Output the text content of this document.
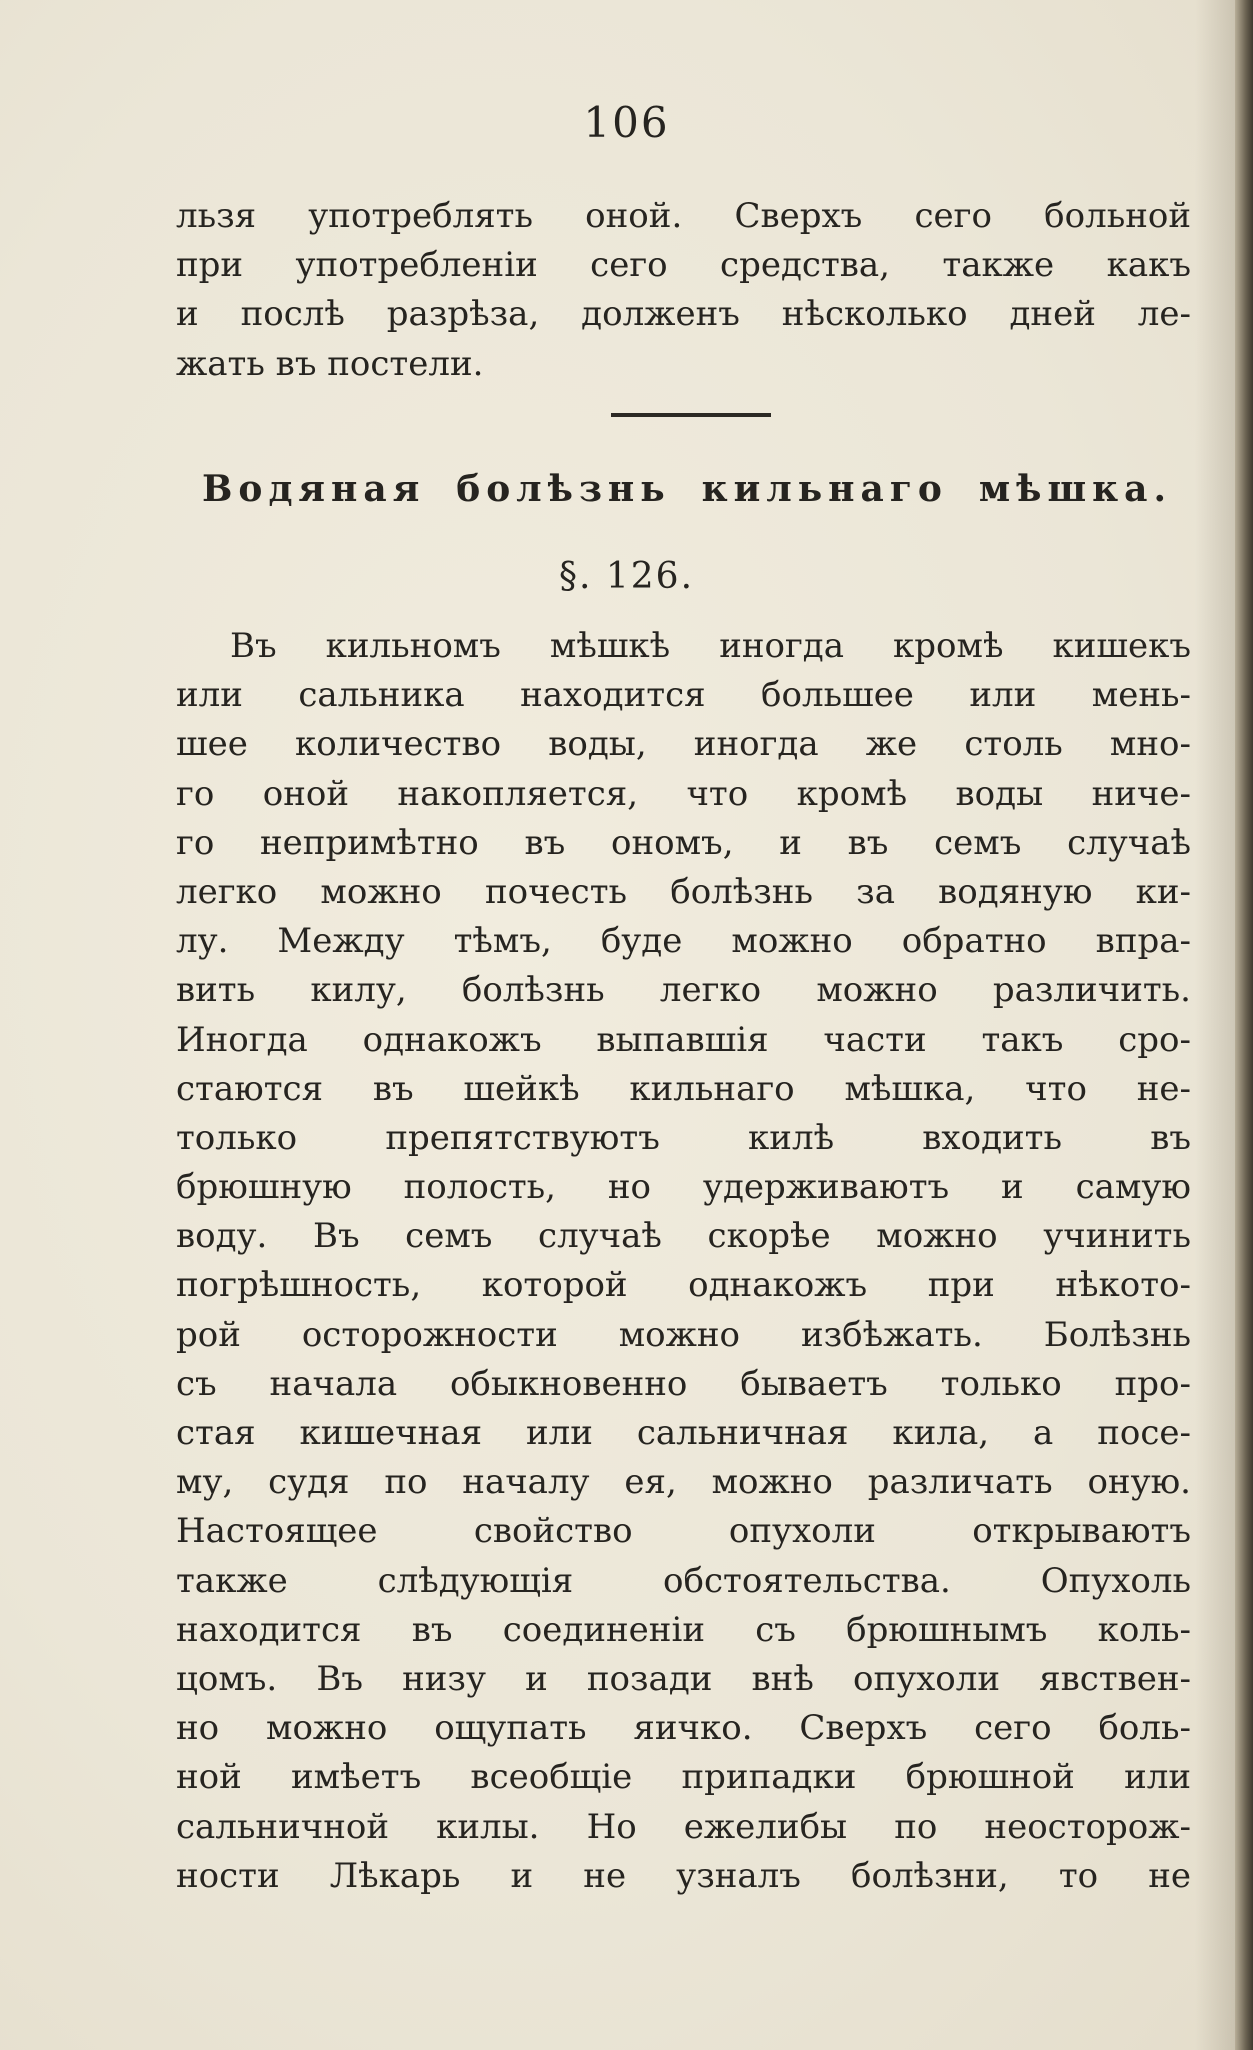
106
льзя употреблять оной. Сверхъ сего больной
при употребленіи сего средства, также какъ
и послѣ разрѣза, долженъ нѣсколько дней ле-
жать въ постели.
Водяная болѣзнь кильнаго мѣшка.
§. 126.
Въ кильномъ мѣшкѣ иногда кромѣ кишекъ
или сальника находится большее или мень-
шее количество воды, иногда же столь мно-
го оной накопляется, что кромѣ воды ниче-
го непримѣтно въ ономъ, и въ семъ случаѣ
легко можно почесть болѣзнь за водяную ки-
лу. Между тѣмъ, буде можно обратно впра-
вить килу, болѣзнь легко можно различить.
Иногда однакожъ выпавшія части такъ сро-
стаются въ шейкѣ кильнаго мѣшка, что не-
только препятствуютъ килѣ входить въ
брюшную полость, но удерживаютъ и самую
воду. Въ семъ случаѣ скорѣе можно учинить
погрѣшность, которой однакожъ при нѣкото-
рой осторожности можно избѣжать. Болѣзнь
съ начала обыкновенно бываетъ только про-
стая кишечная или сальничная кила, а посе-
му, судя по началу ея, можно различать оную.
Настоящее свойство опухоли открываютъ
также слѣдующія обстоятельства. Опухоль
находится въ соединеніи съ брюшнымъ коль-
цомъ. Въ низу и позади внѣ опухоли явствен-
но можно ощупать яичко. Сверхъ сего боль-
ной имѣетъ всеобщіе припадки брюшной или
сальничной килы. Но ежелибы по неосторож-
ности Лѣкарь и не узналъ болѣзни, то не
